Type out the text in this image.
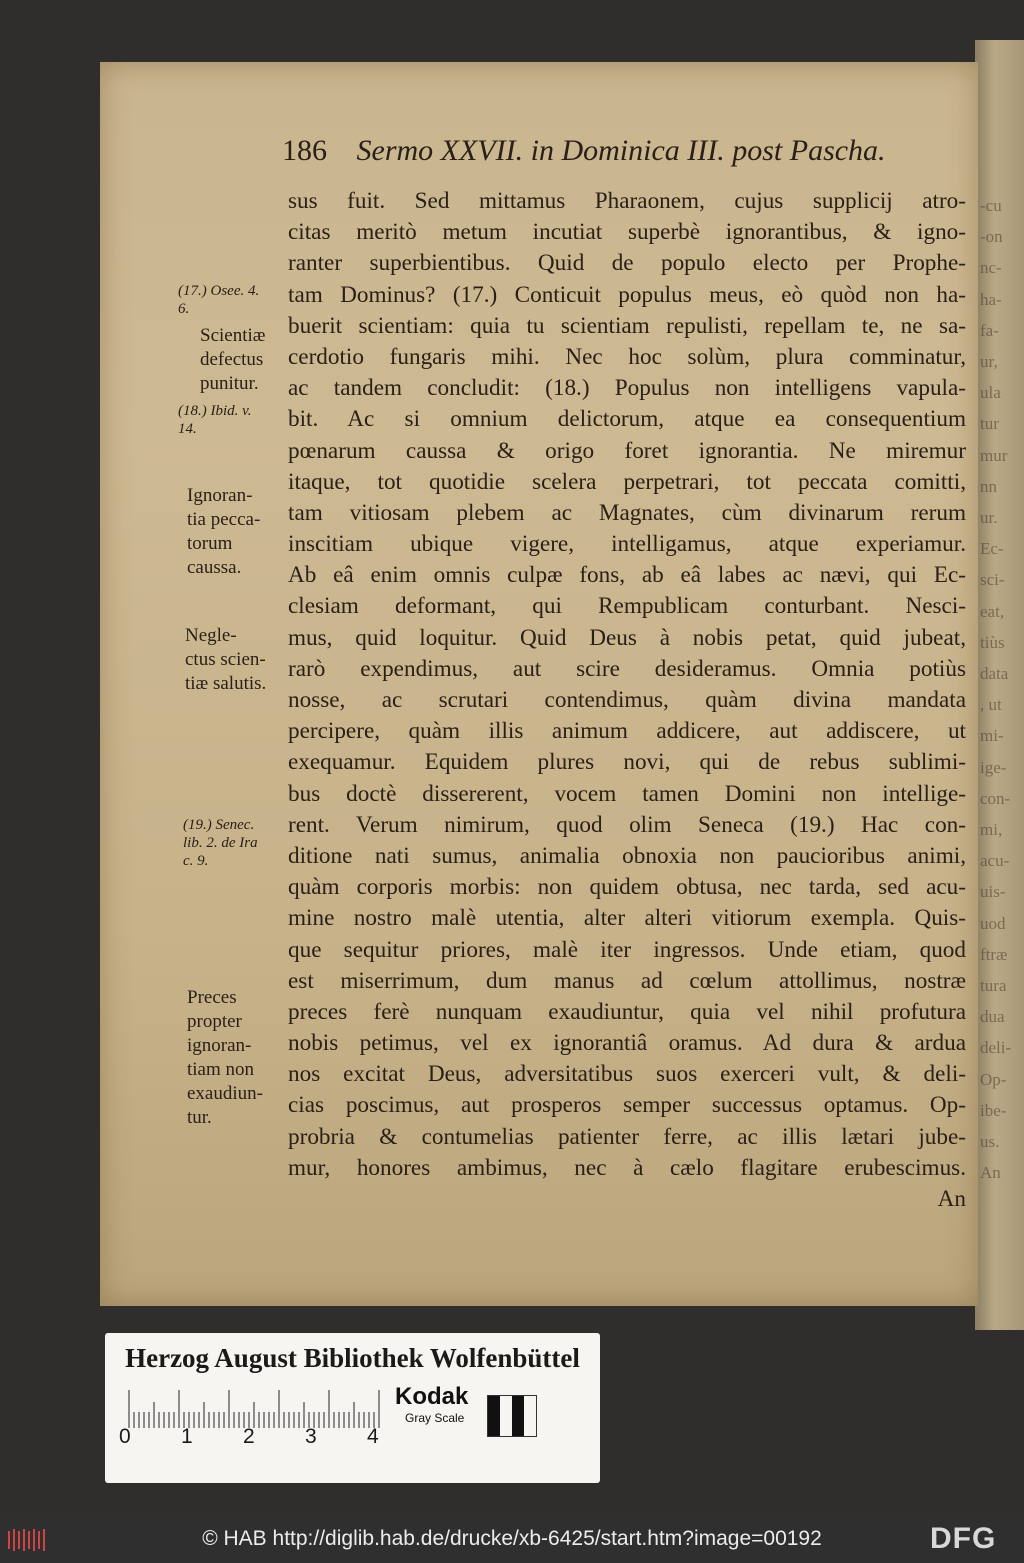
-cu
-on
nc-
ha-
fa-
ur,
ula
tur
mur
nn
ur.
Ec-
sci-
eat,
tiùs
data
, ut
mi-
ige-
con-
mi,
acu-
uis-
uod
ftræ
tura
dua
deli-
Op-
ibe-
us.
An
186 Sermo XXVII. in Dominica III. post Pascha.
sus fuit. Sed mittamus Pharaonem, cujus supplicij atro-
citas meritò metum incutiat superbè ignorantibus, & igno-
ranter superbientibus. Quid de populo electo per Prophe-
tam Dominus? (17.) Conticuit populus meus, eò quòd non ha-
buerit scientiam: quia tu scientiam repulisti, repellam te, ne sa-
cerdotio fungaris mihi. Nec hoc solùm, plura comminatur,
ac tandem concludit: (18.) Populus non intelligens vapula-
bit. Ac si omnium delictorum, atque ea consequentium
pœnarum caussa & origo foret ignorantia. Ne miremur
itaque, tot quotidie scelera perpetrari, tot peccata comitti,
tam vitiosam plebem ac Magnates, cùm divinarum rerum
inscitiam ubique vigere, intelligamus, atque experiamur.
Ab eâ enim omnis culpæ fons, ab eâ labes ac nævi, qui Ec-
clesiam deformant, qui Rempublicam conturbant. Nesci-
mus, quid loquitur. Quid Deus à nobis petat, quid jubeat,
rarò expendimus, aut scire desideramus. Omnia potiùs
nosse, ac scrutari contendimus, quàm divina mandata
percipere, quàm illis animum addicere, aut addiscere, ut
exequamur. Equidem plures novi, qui de rebus sublimi-
bus doctè dissererent, vocem tamen Domini non intellige-
rent. Verum nimirum, quod olim Seneca (19.) Hac con-
ditione nati sumus, animalia obnoxia non paucioribus animi,
quàm corporis morbis: non quidem obtusa, nec tarda, sed acu-
mine nostro malè utentia, alter alteri vitiorum exempla. Quis-
que sequitur priores, malè iter ingressos. Unde etiam, quod
est miserrimum, dum manus ad cœlum attollimus, nostræ
preces ferè nunquam exaudiuntur, quia vel nihil profutura
nobis petimus, vel ex ignorantiâ oramus. Ad dura & ardua
nos excitat Deus, adversitatibus suos exerceri vult, & deli-
cias poscimus, aut prosperos semper successus optamus. Op-
probria & contumelias patienter ferre, ac illis lætari jube-
mur, honores ambimus, nec à cælo flagitare erubescimus.
An
(17.) Osee. 4.
6.
Scientiæ
defectus
punitur.
(18.) Ibid. v.
14.
Ignoran-
tia pecca-
torum
caussa.
Negle-
ctus scien-
tiæ salutis.
(19.) Senec.
lib. 2. de Ira
c. 9.
Preces
propter
ignoran-
tiam non
exaudiun-
tur.
Herzog August Bibliothek Wolfenbüttel
0 1 2 3 4
Kodak
Gray Scale
© HAB http://diglib.hab.de/drucke/xb-6425/start.htm?image=00192	DFG
